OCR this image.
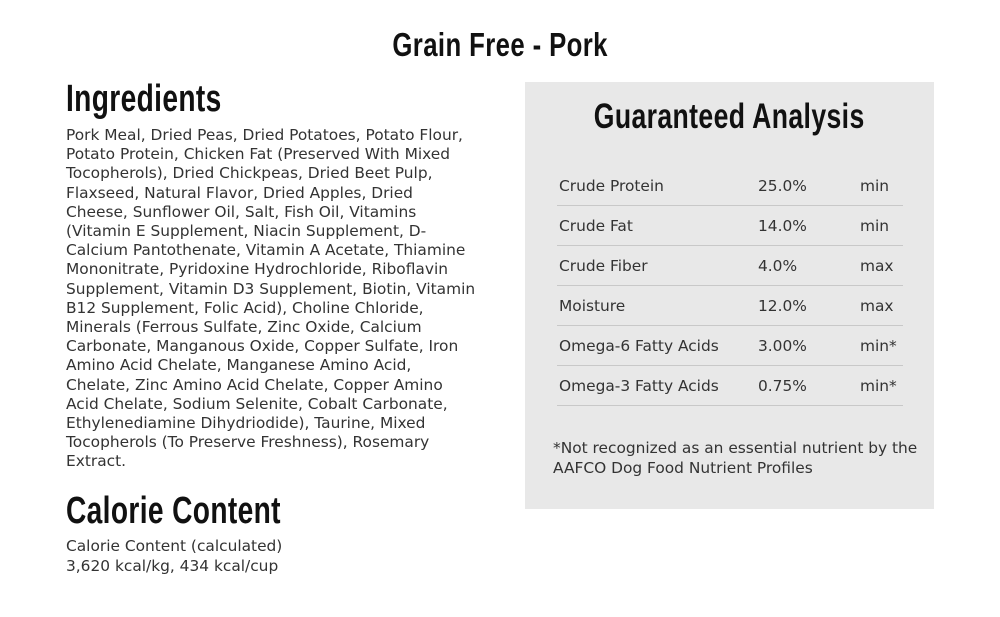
Grain Free - Pork
Ingredients

Pork Meal, Dried Peas, Dried Potatoes, Potato Flour, Potato Protein, Chicken Fat (Preserved With Mixed Tocopherols), Dried Chickpeas, Dried Beet Pulp, Flaxseed, Natural Flavor, Dried Apples, Dried Cheese, Sunflower Oil, Salt, Fish Oil, Vitamins (Vitamin E Supplement, Niacin Supplement, D-Calcium Pantothenate, Vitamin A Acetate, Thiamine Mononitrate, Pyridoxine Hydrochloride, Riboflavin Supplement, Vitamin D3 Supplement, Biotin, Vitamin B12 Supplement, Folic Acid), Choline Chloride, Minerals (Ferrous Sulfate, Zinc Oxide, Calcium Carbonate, Manganous Oxide, Copper Sulfate, Iron Amino Acid Chelate, Manganese Amino Acid, Chelate, Zinc Amino Acid Chelate, Copper Amino Acid Chelate, Sodium Selenite, Cobalt Carbonate, Ethylenediamine Dihydriodide), Taurine, Mixed Tocopherols (To Preserve Freshness), Rosemary Extract.

Calorie Content

Calorie Content (calculated)
3,620 kcal/kg, 434 kcal/cup

Guaranteed Analysis
Crude Protein	25.0%	min
Crude Fat	14.0%	min
Crude Fiber	4.0%	max
Moisture	12.0%	max
Omega-6 Fatty Acids	3.00%	min*
Omega-3 Fatty Acids	0.75%	min*

*Not recognized as an essential nutrient by the AAFCO Dog Food Nutrient Profiles
